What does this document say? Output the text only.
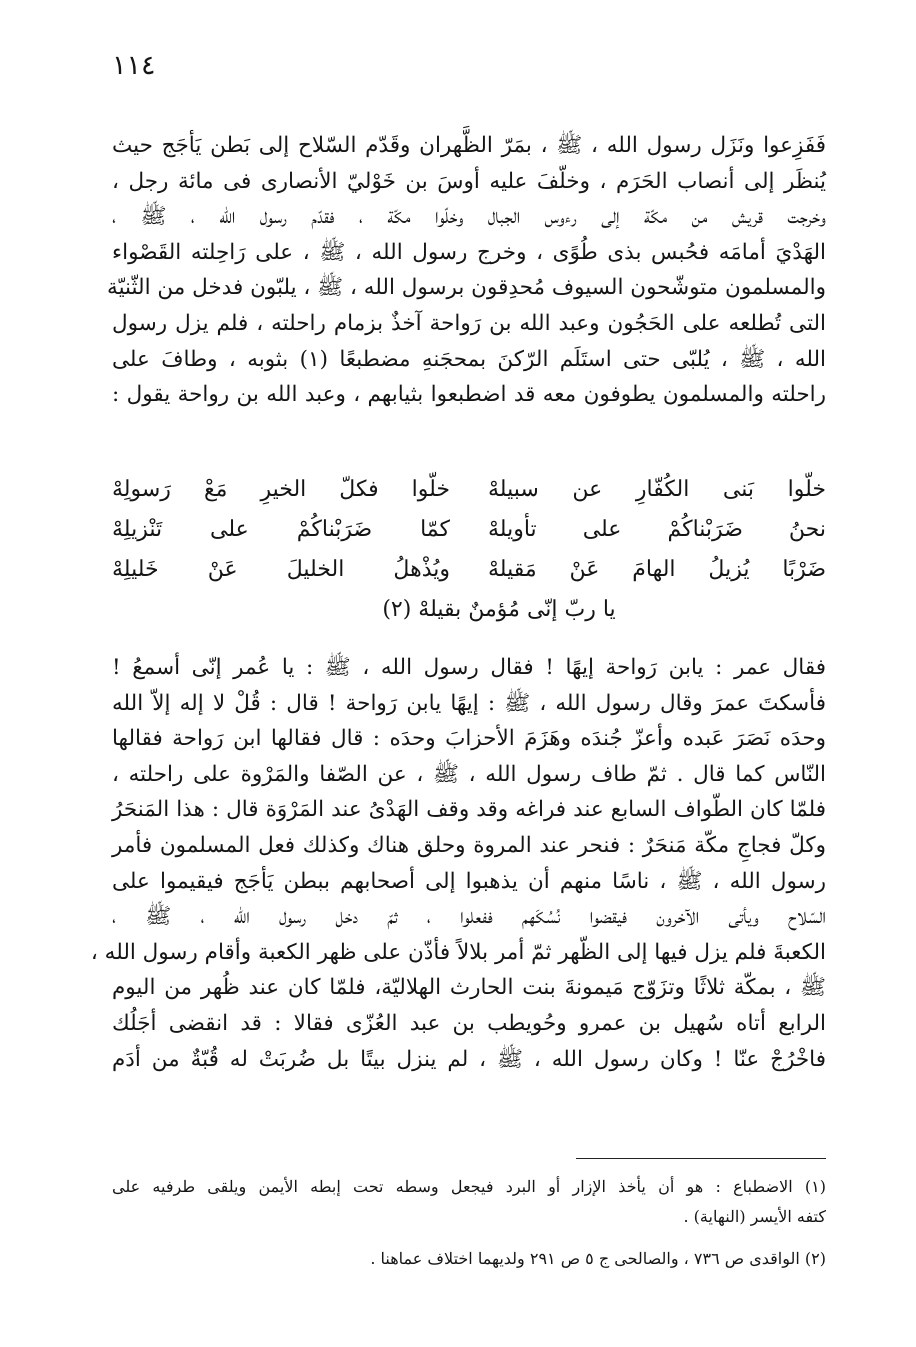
١١٤
فَفَزِعوا ونَزَل رسول الله ، ﷺ ، بمَرّ الظَّهران وقَدّم السّلاح إلى بَطن يَأجَج حيث
يُنظَر إلى أنصاب الحَرَم ، وخلّفَ عليه أوسَ بن خَوْليّ الأنصارى فى مائة رجل ،
وخرجت قريش من مكّة إلى رءوس الجبال وخلّوا مكّة ، فقدّم رسول الله ، ﷺ ،
الهَدْيَ أمامَه فحُبس بذى طُوًى ، وخرج رسول الله ، ﷺ ، على رَاحِلته القَصْواء
والمسلمون متوشّحون السيوف مُحدِقون برسول الله ، ﷺ ، يلبّون فدخل من الثّنيّة
التى تُطلعه على الحَجُون وعبد الله بن رَواحة آخذٌ بزمام راحلته ، فلم يزل رسول
الله ، ﷺ ، يُلبّى حتى استَلَم الرّكنَ بمحجَنهِ مضطبعًا (١) بثوبه ، وطافَ على
راحلته والمسلمون يطوفون معه قد اضطبعوا بثيابهم ، وعبد الله بن رواحة يقول :
خلّوا بَنى الكُفّارِ عن سبيلهْ
خلّوا فكلّ الخيرِ مَعْ رَسولِهْ
نحنُ ضَرَبْناكُمْ على تأويلهْ
كمّا ضَرَبْناكُمْ على تَنْزيلِهْ
ضَرْبًا يُزيلُ الهامَ عَنْ مَقيلهْ
ويُذْهلُ الخليلَ عَنْ خَليلِهْ
يا ربّ إنّى مُؤمنٌ بقيلهْ (٢)
فقال عمر : يابن رَواحة إيهًا ! فقال رسول الله ، ﷺ : يا عُمر إنّى أسمعُ !
فأسكتَ عمرَ وقال رسول الله ، ﷺ : إيهًا يابن رَواحة ! قال : قُلْ لا إله إلاّ الله
وحدَه نَصَرَ عَبده وأعزّ جُندَه وهَزَمَ الأحزابَ وحدَه : قال فقالها ابن رَواحة فقالها
النّاس كما قال . ثمّ طاف رسول الله ، ﷺ ، عن الصّفا والمَرْوة على راحلته ،
فلمّا كان الطّواف السابع عند فراغه وقد وقف الهَدْىُ عند المَرْوَة قال : هذا المَنحَرُ
وكلّ فجاجِ مكّة مَنحَرٌ : فنحر عند المروة وحلق هناك وكذلك فعل المسلمون فأمر
رسول الله ، ﷺ ، ناسًا منهم أن يذهبوا إلى أصحابهم ببطن يَأجَج فيقيموا على
السّلاح ويأتى الآخرون فيقضوا نُسُكَهم ففعلوا ، ثمّ دخل رسول الله ، ﷺ ،
الكعبةَ فلم يزل فيها إلى الظّهر ثمّ أمر بلالاً فأذّن على ظهر الكعبة وأقام رسول الله ،
ﷺ ، بمكّة ثلاثًا وتزَوّج مَيمونةَ بنت الحارث الهلاليّة، فلمّا كان عند ظُهر من اليوم
الرابع أتاه سُهيل بن عمرو وحُويطب بن عبد العُزّى فقالا : قد انقضى أجَلُك
فاخْرُجْ عنّا ! وكان رسول الله ، ﷺ ، لم ينزل بيتًا بل ضُربَتْ له قُبّةٌ من أدَم
(١) الاضطباع : هو أن يأخذ الإزار أو البرد فيجعل وسطه تحت إبطه الأيمن ويلقى طرفيه على
كتفه الأيسر (النهاية) .
(٢) الواقدى ص ٧٣٦ ، والصالحى ج ٥ ص ٢٩١ ولديهما اختلاف عماهنا .
